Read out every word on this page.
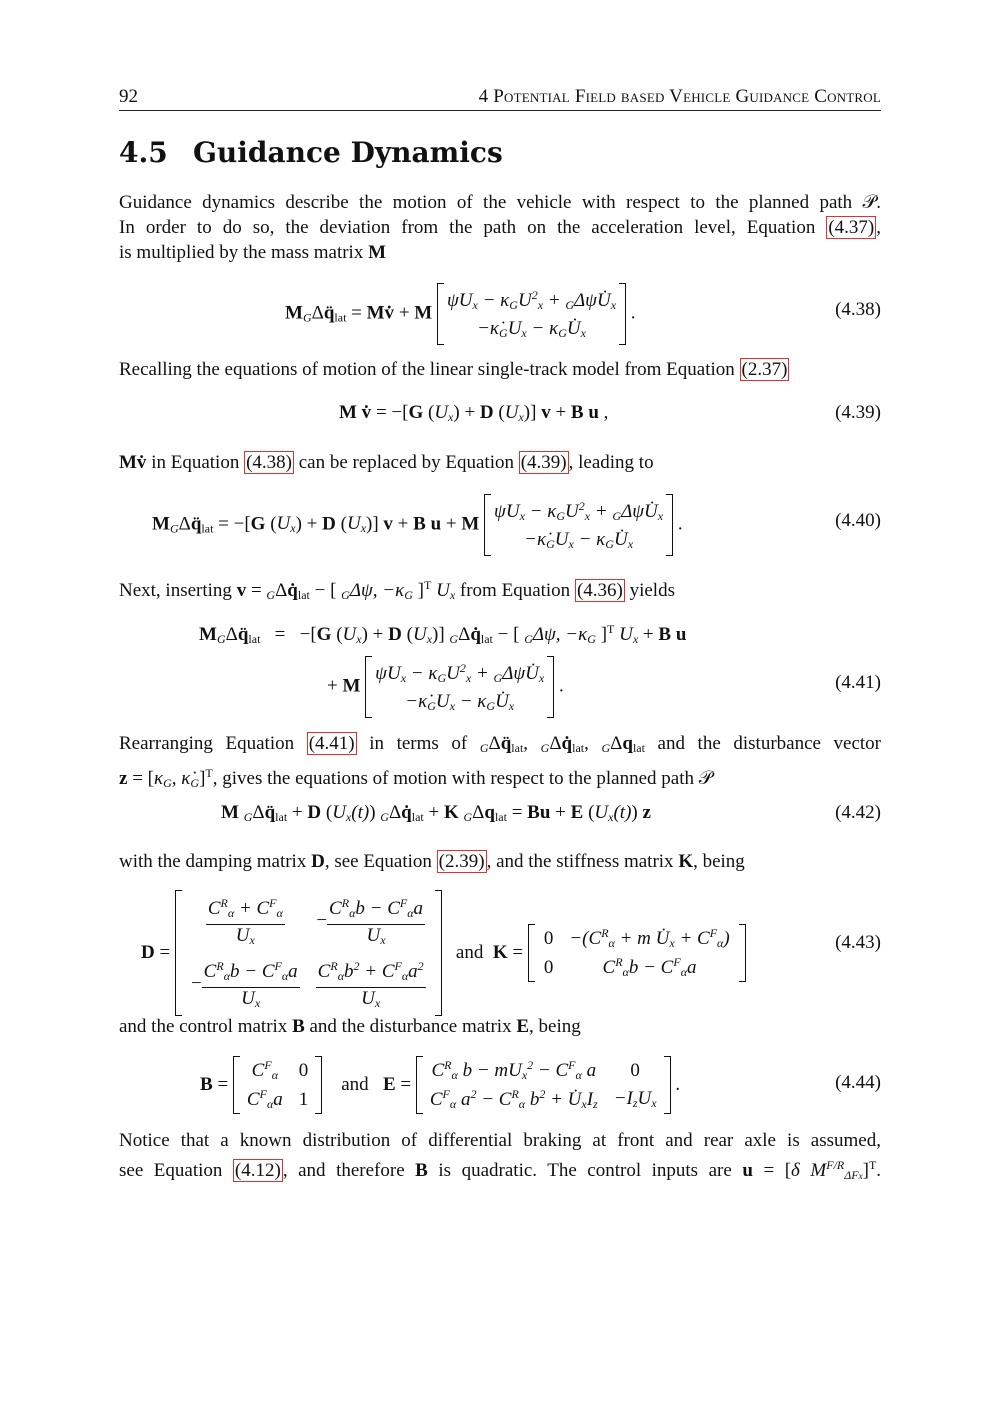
92	4 Potential Field based Vehicle Guidance Control
4.5 Guidance Dynamics
Guidance dynamics describe the motion of the vehicle with respect to the planned path 𝒫.
In order to do so, the deviation from the path on the acceleration level, Equation (4.37) ,
is multiplied by the mass matrix M
$M_G\Delta q̈_{lat}$ = Mv̇ + M
$\psi̇U_x - \kappa_GU^2_x$ + $_G\Delta\psi U̇_x$
$-\kappȧ_GU_x$ − $\kappa_GU̇_x$
.	(4.38)
Recalling the equations of motion of the linear single-track model from Equation (2.37)
M v̇ = −[G $(U_x) + D$ $(U_x)$] v + B u ,	(4.39)
Mv̇ in Equation (4.38) can be replaced by Equation (4.39) , leading to
$M_G\Delta q̈_{lat} = -[G$ $(U_x) + D$ $(U_x)$] v + B u + M
$\psi̇U_x - \kappa_GU^2_x$ + $_G\Delta\psi U̇_x$
$-\kappȧ_GU_x$ − $\kappa_GU̇_x$
.	(4.40)
Next, inserting $v = _G\Delta q̇_{lat}$ − [ $_G$Δψ, $-\kappa_G$ ]$^T$ $U_x$ from Equation (4.36) yields
$M_G\Delta q̈_{lat} = -[G$ $(U_x) + D$ $(U_x)$] $_G\Delta q̇_{lat}$ − [ $_G$Δψ, $-\kappa_G$ ]$^T$ $U_x + B$ u
+ M
$\psi̇U_x - \kappa_GU^2_x$ + $_G\Delta\psi U̇_x$
$-\kappȧ_GU_x$ − $\kappa_GU̇_x$
.	(4.41)
Rearranging Equation (4.41) in terms of $_G\Delta q̈_{lat}$, $_G\Delta q̇_{lat}$, $_G\Delta q_{lat}$ and the disturbance vector
$z = [\kappa_G$, $\kappȧ_G]^T$, gives the equations of motion with respect to the planned path 𝒫
M $_G\Delta q̈_{lat} + D$ $(U_x(t))$ $_G\Delta q̇_{lat} + K$ $_G\Delta q_{lat} = Bu + E$ $(U_x(t))$ z	(4.42)
with the damping matrix D, see Equation (2.39) , and the stiffness matrix K, being
D =
$\frac{C^R_\alpha + C^F_\alpha}{U_x}$	− $\frac{C^R_\alpha b - C^F_\alpha a}{U_x}$

− $\frac{C^R_\alpha b - C^F_\alpha a}{U_x}$	$\frac{C^R_\alpha b^2 + C^F_\alpha a^2}{U_x}$
and K =
0	$-(C^R_\alpha + m$ $U̇_x + C^F_\alpha$)
0	$C^R_\alpha b - C^F_\alpha a$
(4.43)
and the control matrix B and the disturbance matrix E, being
B =
$C^F_\alpha$	0
$C^F_\alpha a$	1
and E =
$C^R_\alpha$ $b - mU_x^2 - C^F_\alpha$ a	0
$C^F_\alpha$ $a^2 - C^R_\alpha$ $b^2$ + $U̇_xI_z$	$-I_zU_x$
.	(4.44)
Notice that a known distribution of differential braking at front and rear axle is assumed,
see Equation (4.12) , and therefore B is quadratic. The control inputs are u = [δ $M^{F/R}_{\Delta Fx}]^T$.
